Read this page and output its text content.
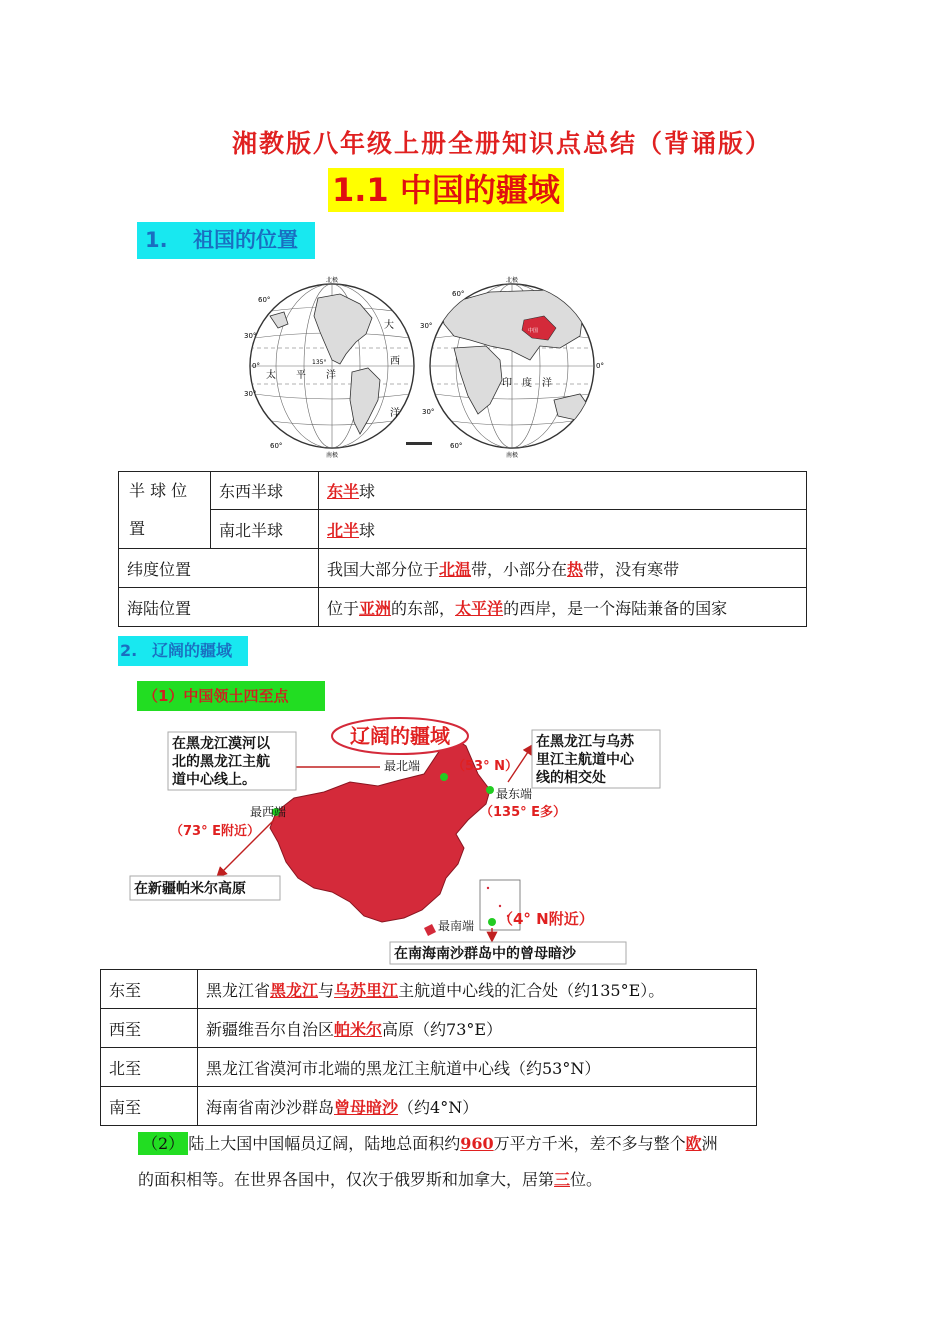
湘教版八年级上册全册知识点总结（背诵版）
1.1 中国的疆域
1. 祖国的位置
北极
南极
60°
30°
0°
30°
60°
135°
太 平 洋
大
西
洋
中国
北极
南极
60°
30°
0°
30°
60°
印 度 洋
半 球 位 置	东西半球	东半球
	南北半球	北半球
纬度位置		我国大部分位于北温带，小部分在热带，没有寒带
海陆位置		位于亚洲的东部，太平洋的西岸，是一个海陆兼备的国家
2. 辽阔的疆域
（1）中国领土四至点
辽阔的疆域
最北端 （53° N）
在黑龙江漠河以
北的黑龙江主航
道中心线上。
最东端
（135° E多）
在黑龙江与乌苏
里江主航道中心
线的相交处
最西端
（73° E附近）
在新疆帕米尔高原
最南端 （4° N附近）
在南海南沙群岛中的曾母暗沙
东至	黑龙江省黑龙江与乌苏里江主航道中心线的汇合处（约135°E）。
西至	新疆维吾尔自治区帕米尔高原（约73°E）
北至	黑龙江省漠河市北端的黑龙江主航道中心线（约53°N）
南至	海南省南沙沙群岛曾母暗沙（约4°N）
（2） 陆上大国中国幅员辽阔，陆地总面积约960万平方千米，差不多与整个欧洲
的面积相等。在世界各国中，仅次于俄罗斯和加拿大，居第三位。
